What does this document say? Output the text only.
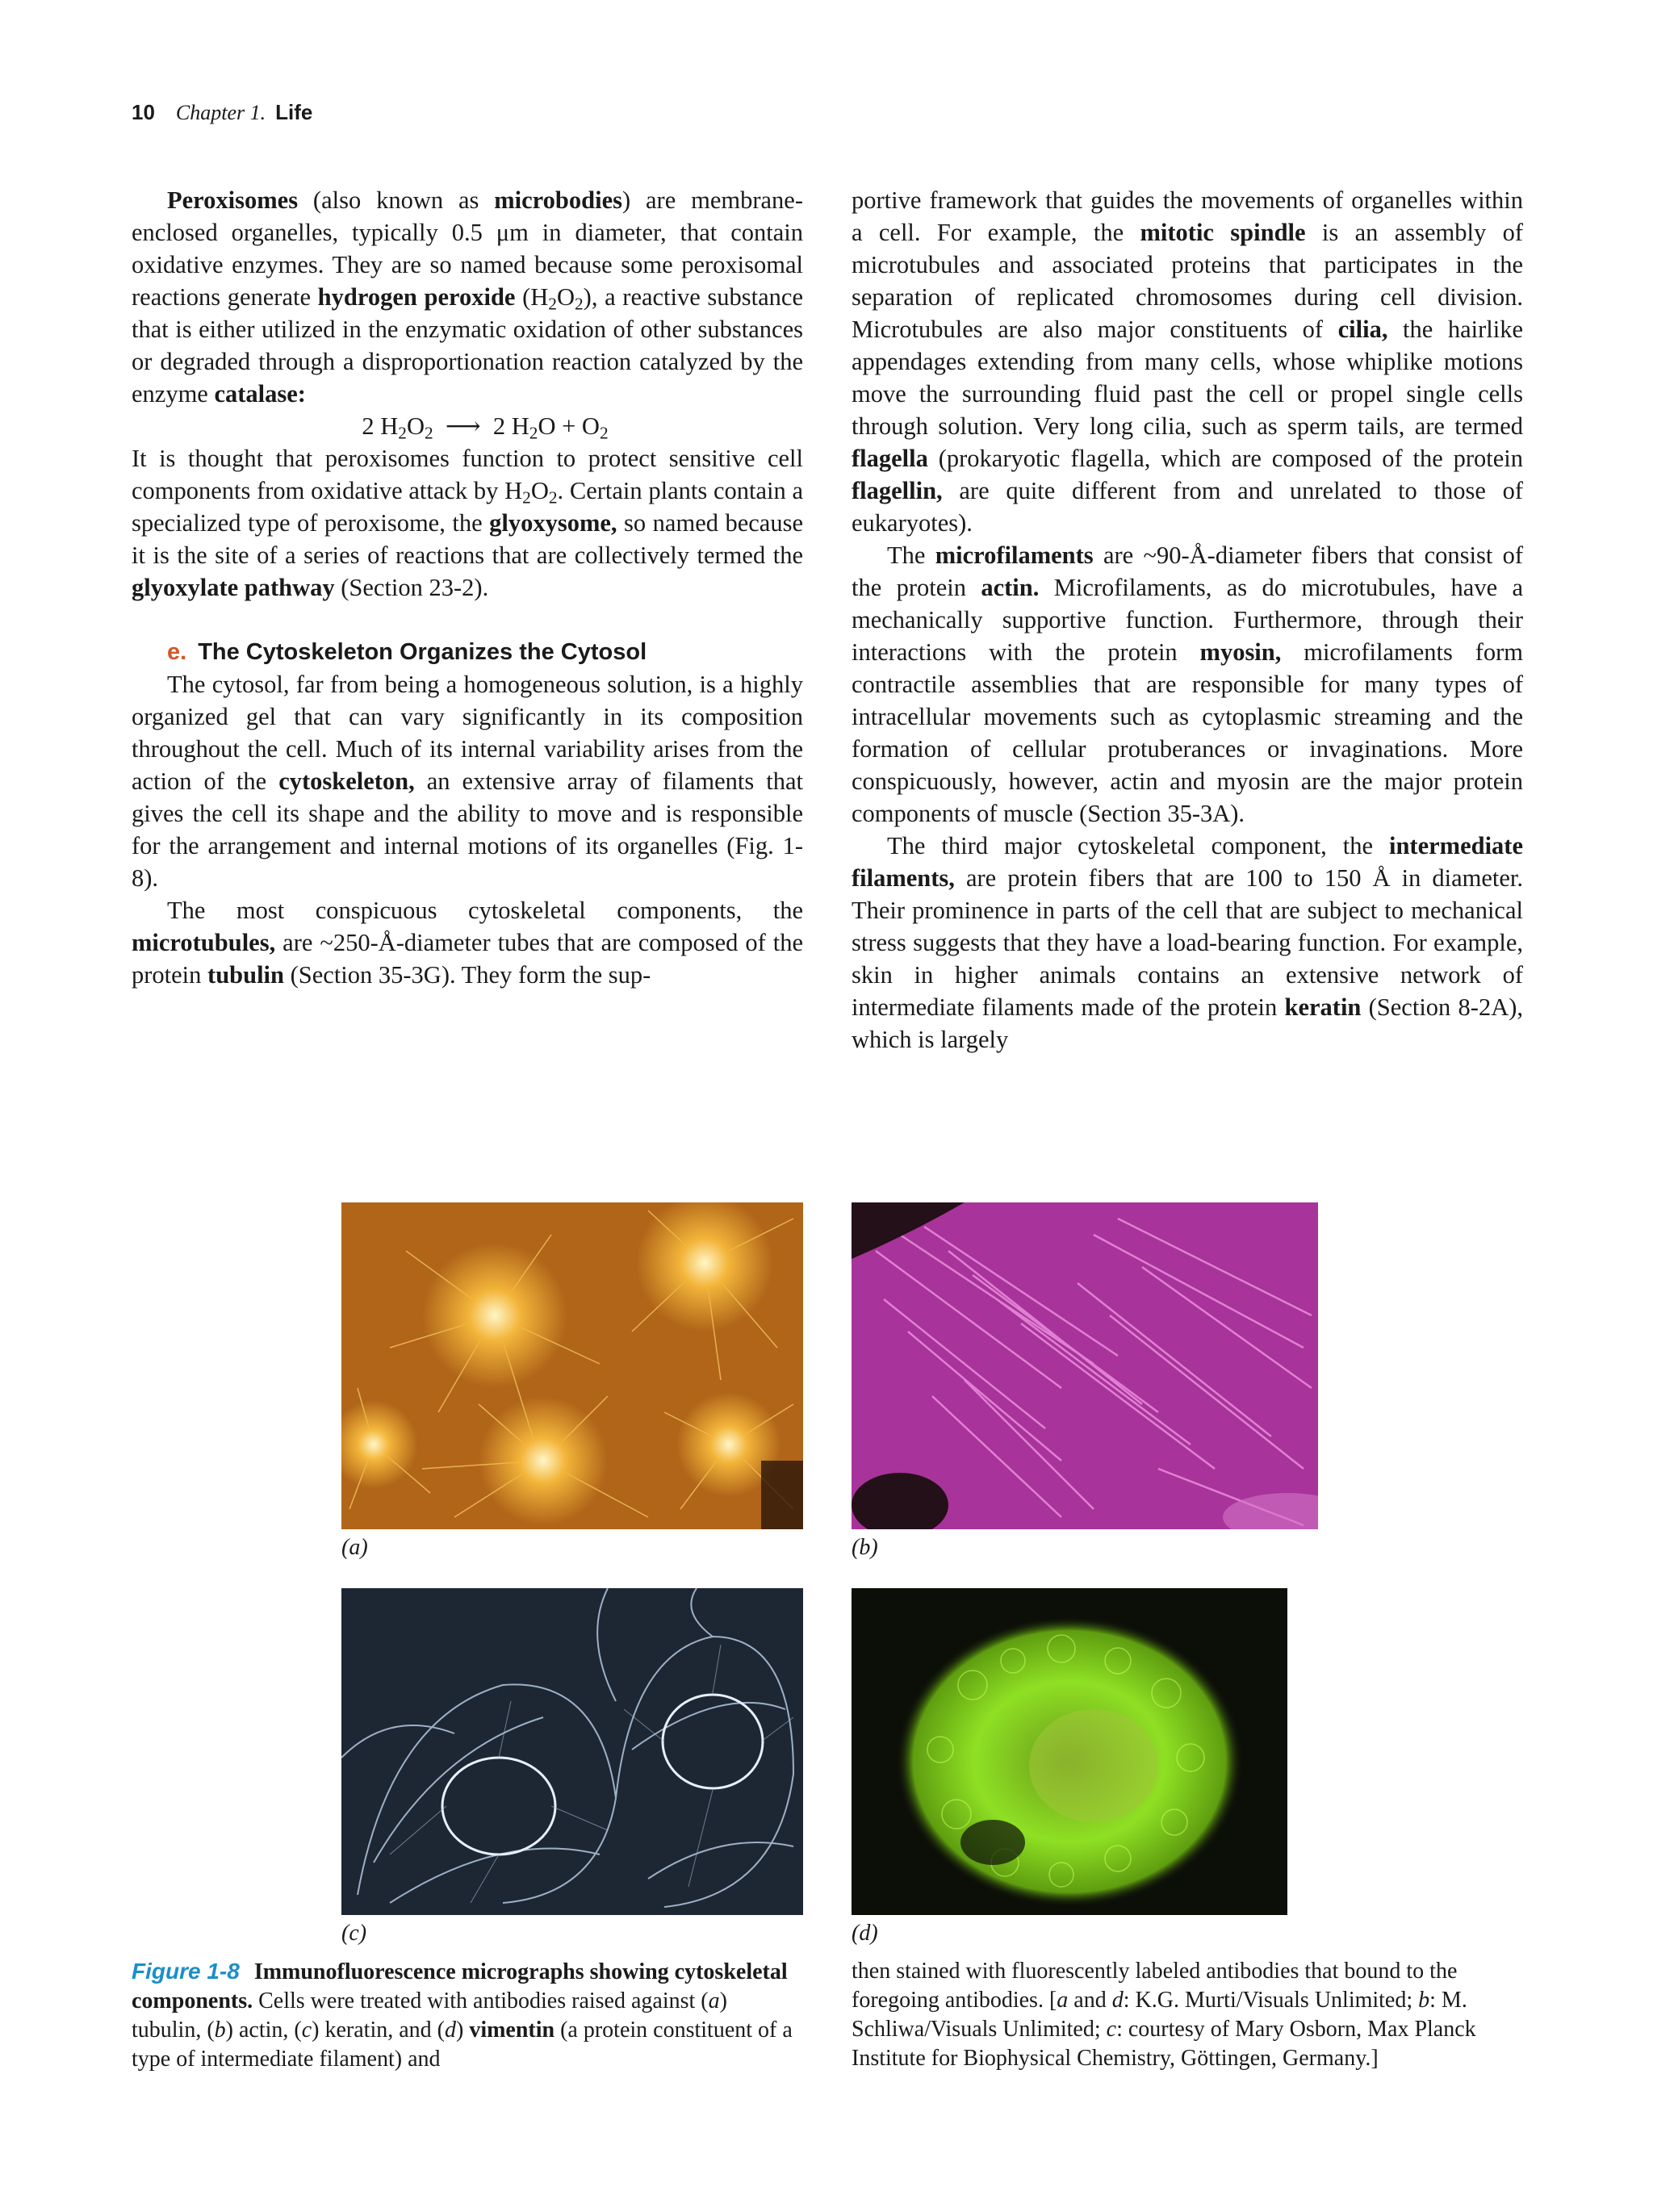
10 Chapter 1. Life

Peroxisomes (also known as microbodies) are membrane-enclosed organelles, typically 0.5 μm in diameter, that contain oxidative enzymes. They are so named because some peroxisomal reactions generate hydrogen peroxide $(H_2O_2)$, a reactive substance that is either utilized in the enzymatic oxidation of other substances or degraded through a disproportionation reaction catalyzed by the enzyme catalase:

2 $H_2O_2$ ⟶ 2 $H_2O + O_2$

It is thought that peroxisomes function to protect sensitive cell components from oxidative attack by $H_2O_2$. Certain plants contain a specialized type of peroxisome, the glyoxysome, so named because it is the site of a series of reactions that are collectively termed the glyoxylate pathway (Section 23-2).

e. The Cytoskeleton Organizes the Cytosol

The cytosol, far from being a homogeneous solution, is a highly organized gel that can vary significantly in its composition throughout the cell. Much of its internal variability arises from the action of the cytoskeleton, an extensive array of filaments that gives the cell its shape and the ability to move and is responsible for the arrangement and internal motions of its organelles (Fig. 1-8).

The most conspicuous cytoskeletal components, the microtubules, are ~250-Å-diameter tubes that are composed of the protein tubulin (Section 35-3G). They form the sup-

portive framework that guides the movements of organelles within a cell. For example, the mitotic spindle is an assembly of microtubules and associated proteins that participates in the separation of replicated chromosomes during cell division. Microtubules are also major constituents of cilia, the hairlike appendages extending from many cells, whose whiplike motions move the surrounding fluid past the cell or propel single cells through solution. Very long cilia, such as sperm tails, are termed flagella (prokaryotic flagella, which are composed of the protein flagellin, are quite different from and unrelated to those of eukaryotes).

The microfilaments are ~90-Å-diameter fibers that consist of the protein actin. Microfilaments, as do microtubules, have a mechanically supportive function. Furthermore, through their interactions with the protein myosin, microfilaments form contractile assemblies that are responsible for many types of intracellular movements such as cytoplasmic streaming and the formation of cellular protuberances or invaginations. More conspicuously, however, actin and myosin are the major protein components of muscle (Section 35-3A).

The third major cytoskeletal component, the intermediate filaments, are protein fibers that are 100 to 150 Å in diameter. Their prominence in parts of the cell that are subject to mechanical stress suggests that they have a load-bearing function. For example, skin in higher animals contains an extensive network of intermediate filaments made of the protein keratin (Section 8-2A), which is largely

(a)	(b)
(c)	(d)
Figure 1-8 Immunofluorescence micrographs showing cytoskeletal components. Cells were treated with antibodies raised against (a) tubulin, (b) actin, (c) keratin, and (d) vimentin (a protein constituent of a type of intermediate filament) and
then stained with fluorescently labeled antibodies that bound to the foregoing antibodies. [a and d: K.G. Murti/Visuals Unlimited; b: M. Schliwa/Visuals Unlimited; c: courtesy of Mary Osborn, Max Planck Institute for Biophysical Chemistry, Göttingen, Germany.]
